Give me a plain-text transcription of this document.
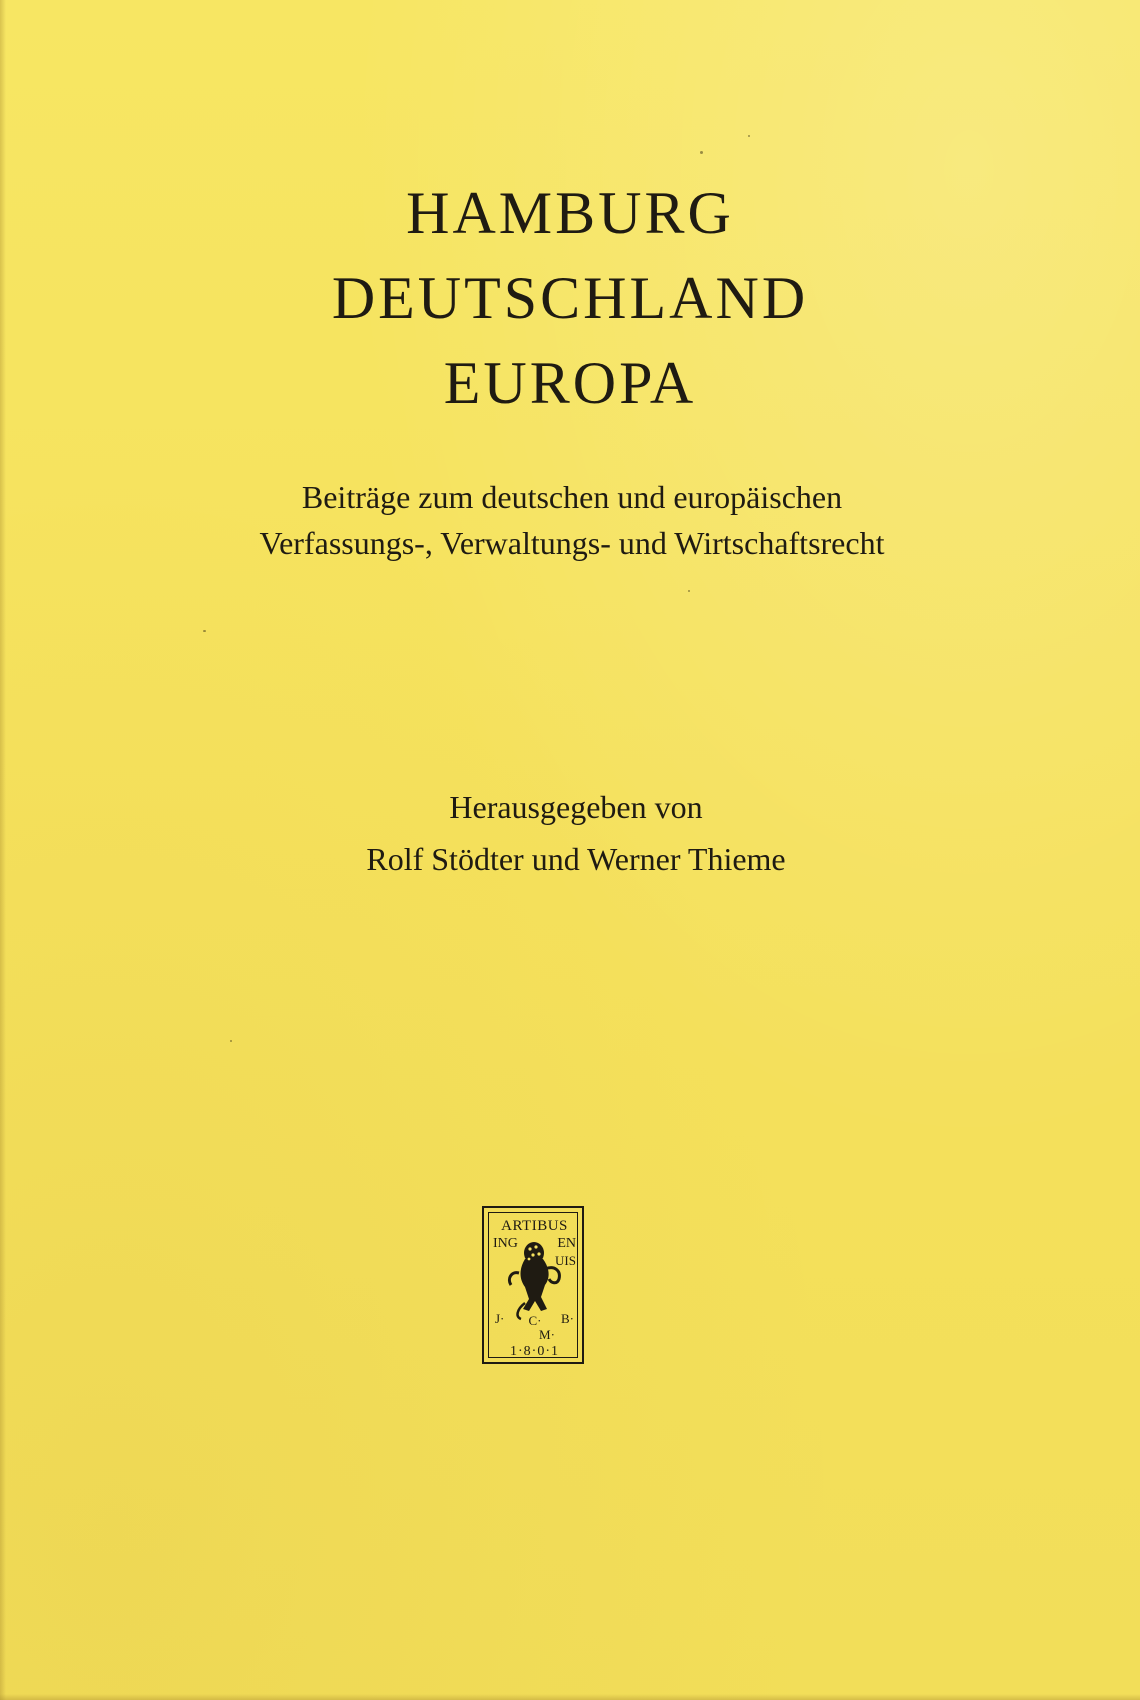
HAMBURG
DEUTSCHLAND
EUROPA
Beiträge zum deutschen und europäischen
Verfassungs-, Verwaltungs- und Wirtschaftsrecht
Herausgegeben von
Rolf Stödter und Werner Thieme
ARTIBUS
ING	EN
UIS
J· C· B·
M·
1·8·0·1
